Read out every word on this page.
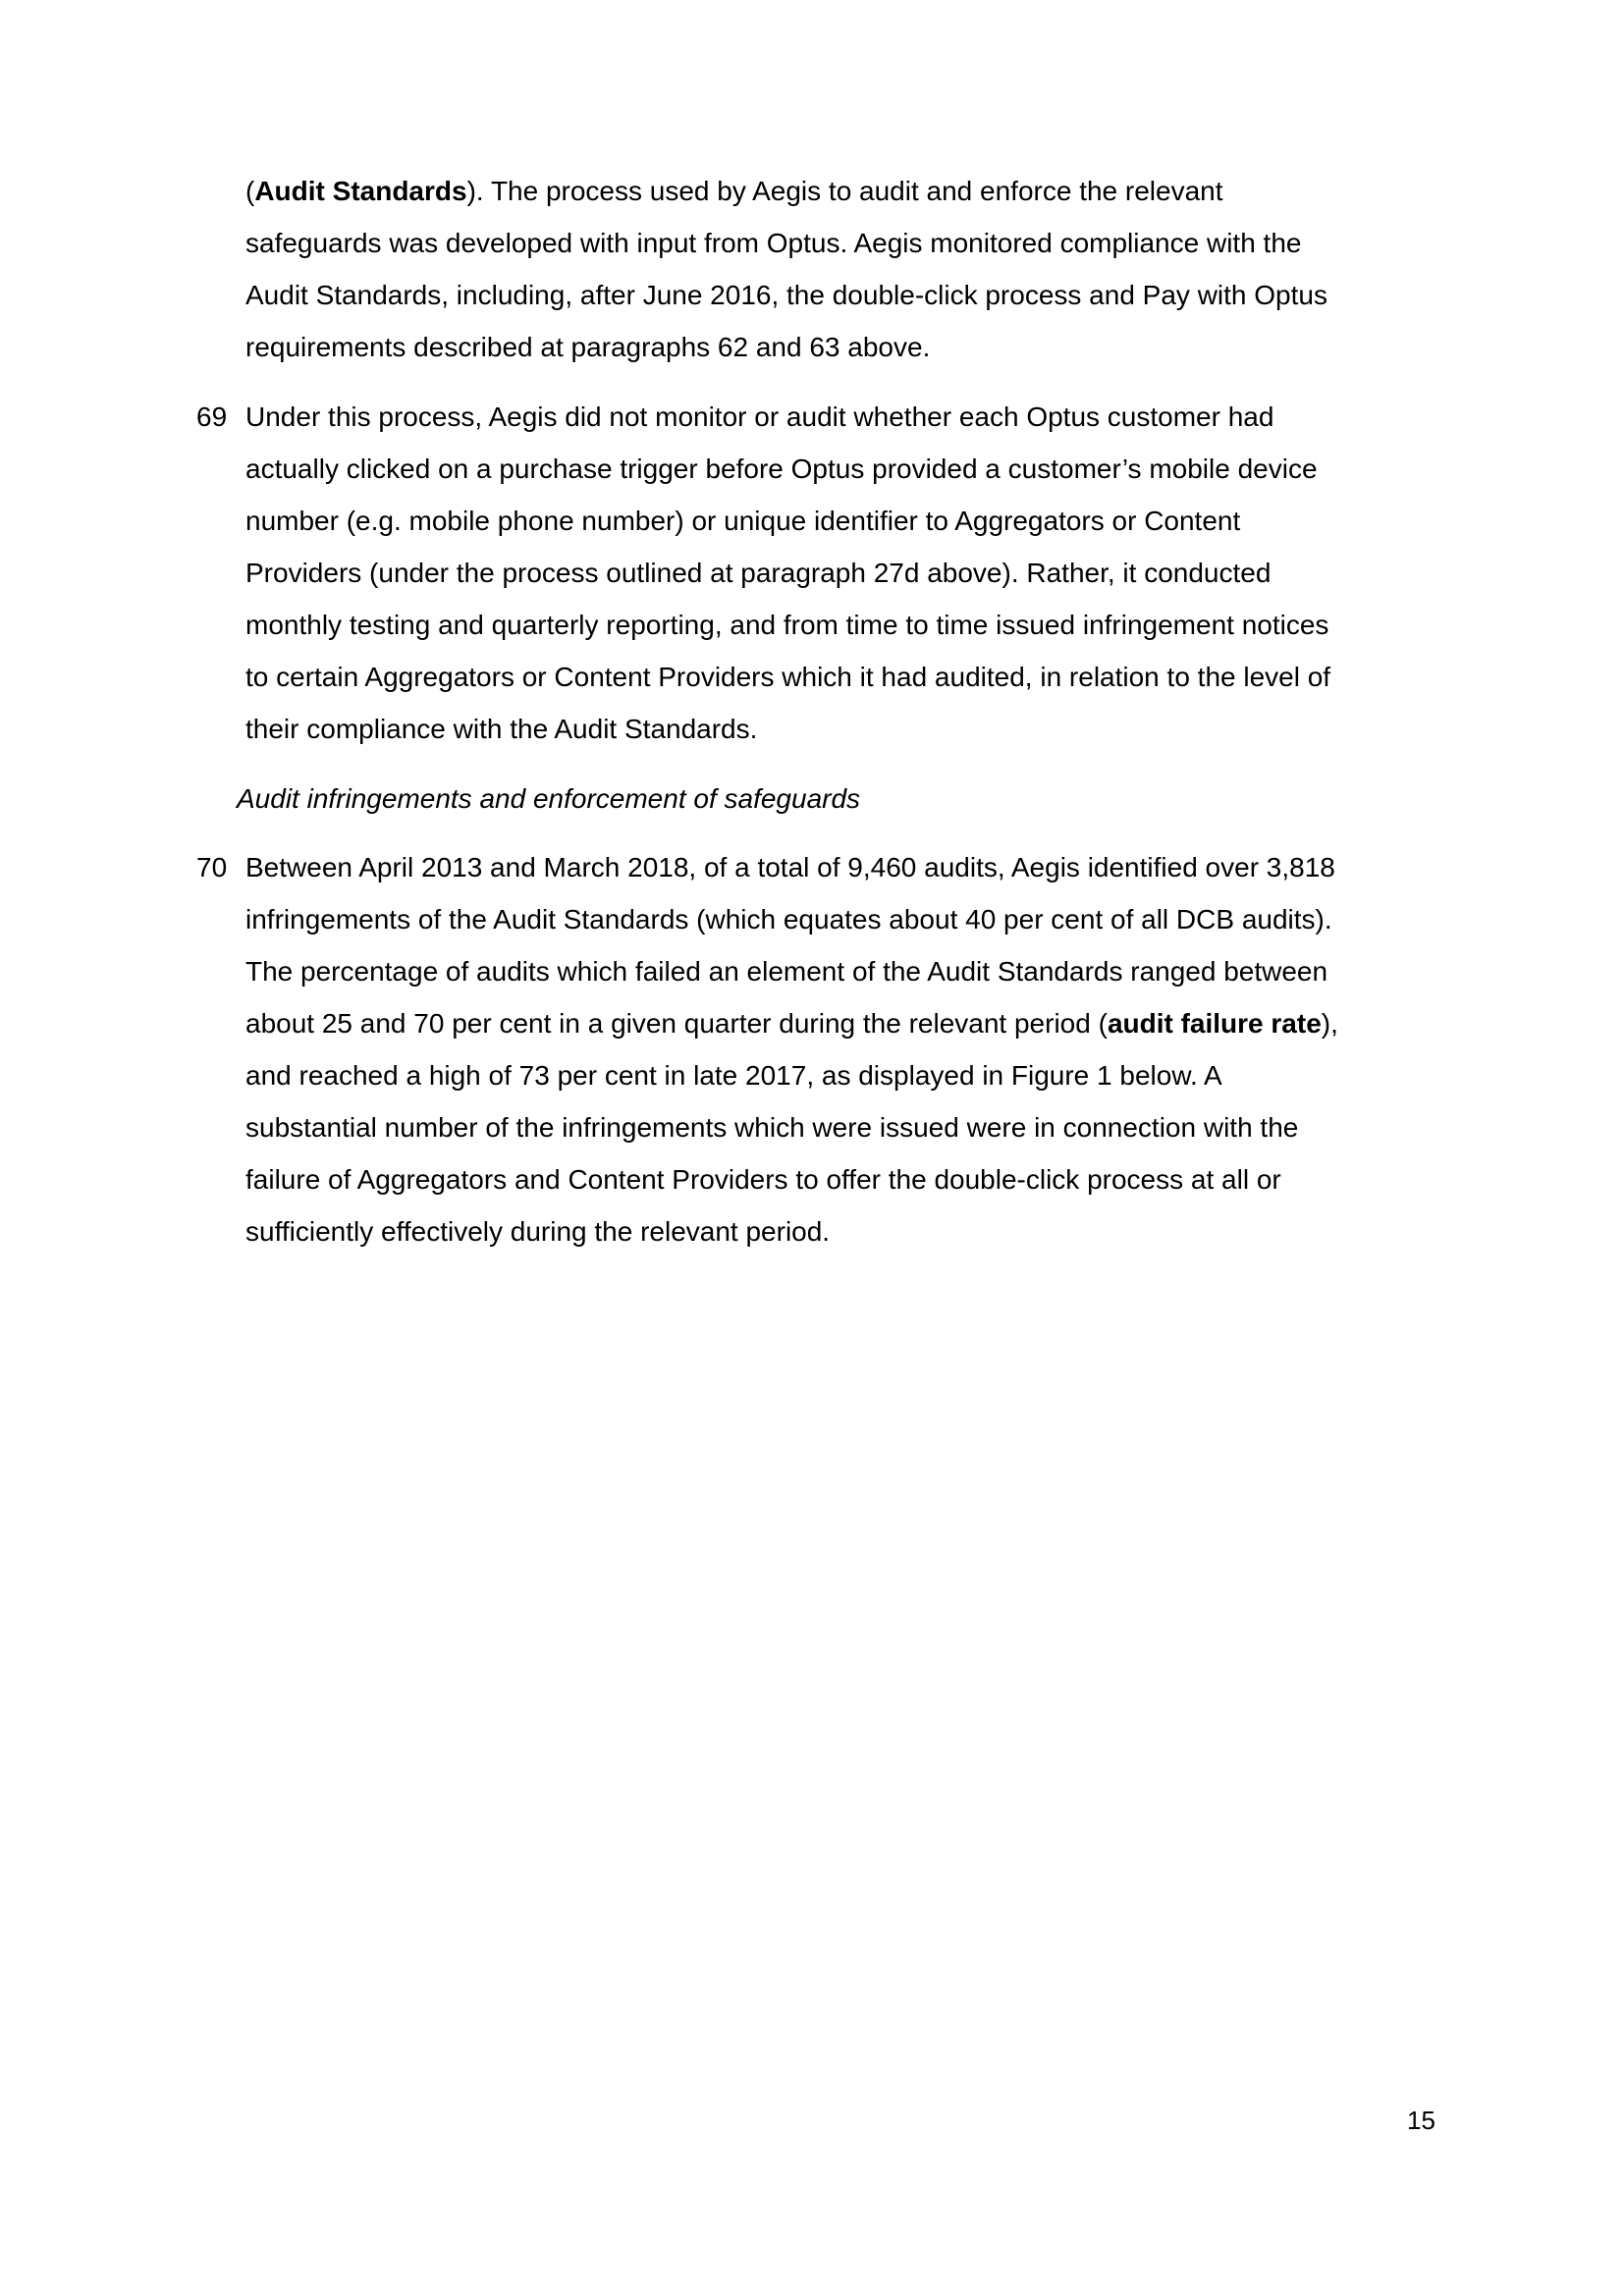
(Audit Standards). The process used by Aegis to audit and enforce the relevant
safeguards was developed with input from Optus. Aegis monitored compliance with the
Audit Standards, including, after June 2016, the double-click process and Pay with Optus
requirements described at paragraphs 62 and 63 above.
69 Under this process, Aegis did not monitor or audit whether each Optus customer had
actually clicked on a purchase trigger before Optus provided a customer’s mobile device
number (e.g. mobile phone number) or unique identifier to Aggregators or Content
Providers (under the process outlined at paragraph 27d above). Rather, it conducted
monthly testing and quarterly reporting, and from time to time issued infringement notices
to certain Aggregators or Content Providers which it had audited, in relation to the level of
their compliance with the Audit Standards.
Audit infringements and enforcement of safeguards
70 Between April 2013 and March 2018, of a total of 9,460 audits, Aegis identified over 3,818
infringements of the Audit Standards (which equates about 40 per cent of all DCB audits).
The percentage of audits which failed an element of the Audit Standards ranged between
about 25 and 70 per cent in a given quarter during the relevant period (audit failure rate),
and reached a high of 73 per cent in late 2017, as displayed in Figure 1 below. A
substantial number of the infringements which were issued were in connection with the
failure of Aggregators and Content Providers to offer the double-click process at all or
sufficiently effectively during the relevant period.
15
